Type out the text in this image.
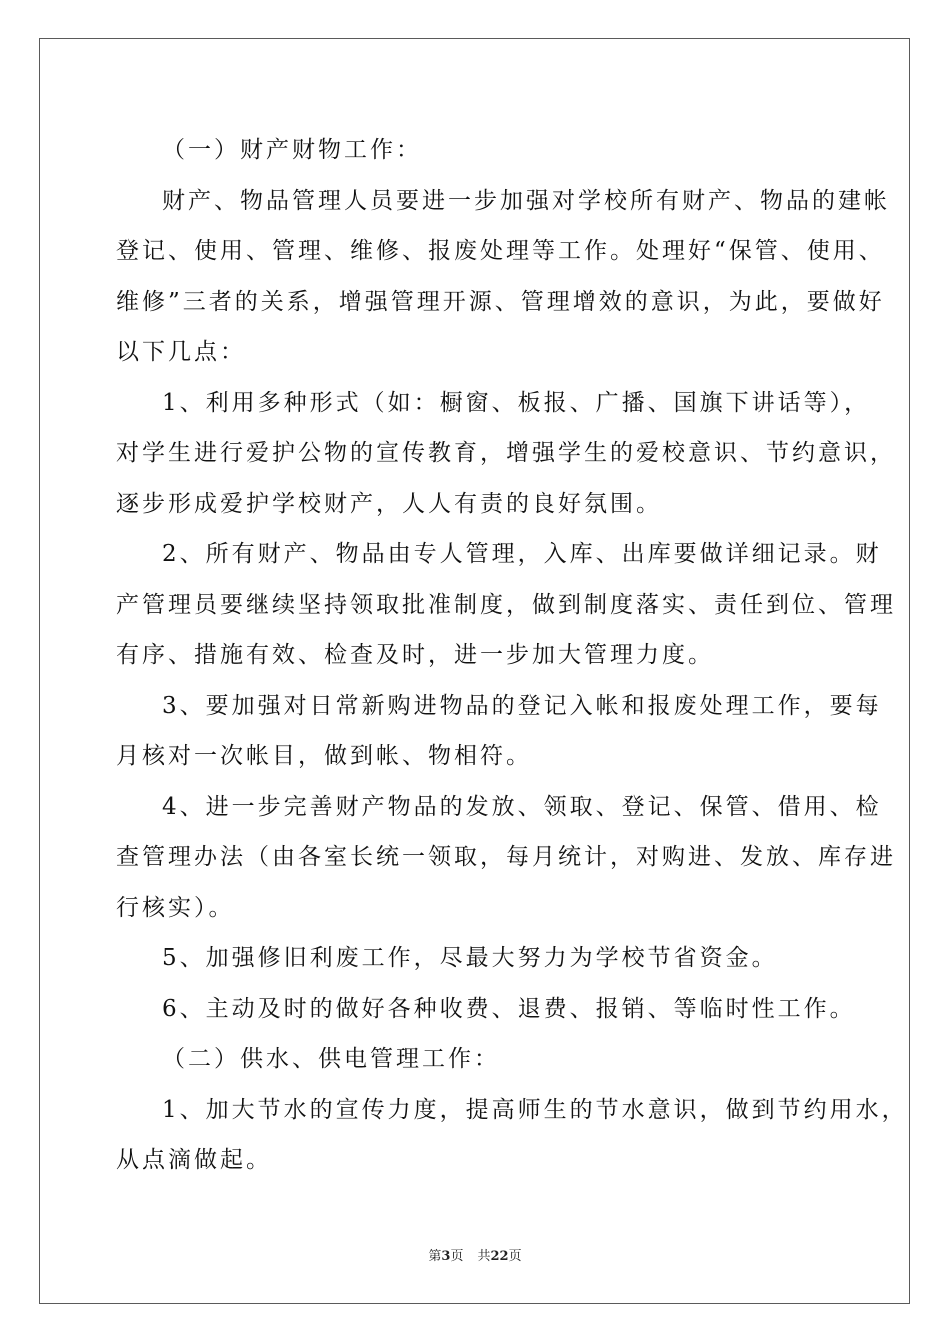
（一）财产财物工作：
财产、物品管理人员要进一步加强对学校所有财产、物品的建帐
登记、使用、管理、维修、报废处理等工作。处理好“保管、使用、
维修”三者的关系，增强管理开源、管理增效的意识，为此，要做好
以下几点：
1、利用多种形式（如：橱窗、板报、广播、国旗下讲话等），
对学生进行爱护公物的宣传教育，增强学生的爱校意识、节约意识，
逐步形成爱护学校财产，人人有责的良好氛围。
2、所有财产、物品由专人管理，入库、出库要做详细记录。财
产管理员要继续坚持领取批准制度，做到制度落实、责任到位、管理
有序、措施有效、检查及时，进一步加大管理力度。
3、要加强对日常新购进物品的登记入帐和报废处理工作，要每
月核对一次帐目，做到帐、物相符。
4、进一步完善财产物品的发放、领取、登记、保管、借用、检
查管理办法（由各室长统一领取，每月统计，对购进、发放、库存进
行核实）。
5、加强修旧利废工作，尽最大努力为学校节省资金。
6、主动及时的做好各种收费、退费、报销、等临时性工作。
（二）供水、供电管理工作：
1、加大节水的宣传力度，提高师生的节水意识，做到节约用水，
从点滴做起。
第3页 共22页
